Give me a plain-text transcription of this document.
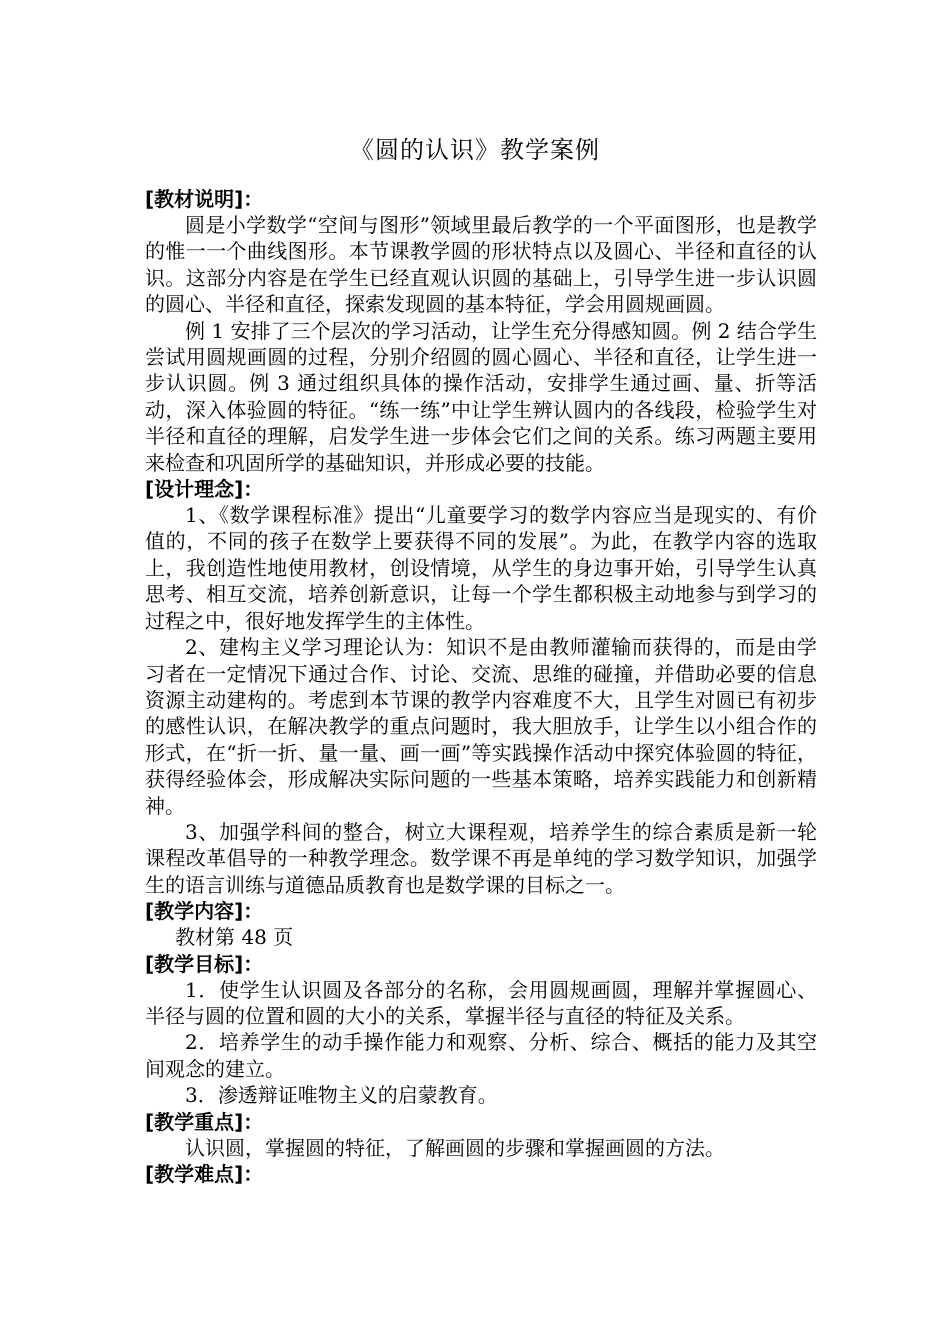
《圆的认识》教学案例
[教材说明]：

圆是小学数学“空间与图形”领域里最后教学的一个平面图形，也是教学的惟一一个曲线图形。本节课教学圆的形状特点以及圆心、半径和直径的认识。这部分内容是在学生已经直观认识圆的基础上，引导学生进一步认识圆的圆心、半径和直径，探索发现圆的基本特征，学会用圆规画圆。

例 1 安排了三个层次的学习活动，让学生充分得感知圆。例 2 结合学生尝试用圆规画圆的过程，分别介绍圆的圆心圆心、半径和直径，让学生进一步认识圆。例 3 通过组织具体的操作活动，安排学生通过画、量、折等活动，深入体验圆的特征。“练一练”中让学生辨认圆内的各线段，检验学生对半径和直径的理解，启发学生进一步体会它们之间的关系。练习两题主要用来检查和巩固所学的基础知识，并形成必要的技能。

[设计理念]：

1、《数学课程标准》提出“儿童要学习的数学内容应当是现实的、有价值的，不同的孩子在数学上要获得不同的发展”。为此，在教学内容的选取上，我创造性地使用教材，创设情境，从学生的身边事开始，引导学生认真思考、相互交流，培养创新意识，让每一个学生都积极主动地参与到学习的过程之中，很好地发挥学生的主体性。

2、建构主义学习理论认为：知识不是由教师灌输而获得的，而是由学习者在一定情况下通过合作、讨论、交流、思维的碰撞，并借助必要的信息资源主动建构的。考虑到本节课的教学内容难度不大，且学生对圆已有初步的感性认识，在解决教学的重点问题时，我大胆放手，让学生以小组合作的形式，在“折一折、量一量、画一画”等实践操作活动中探究体验圆的特征，获得经验体会，形成解决实际问题的一些基本策略，培养实践能力和创新精神。

3、加强学科间的整合，树立大课程观，培养学生的综合素质是新一轮课程改革倡导的一种教学理念。数学课不再是单纯的学习数学知识，加强学生的语言训练与道德品质教育也是数学课的目标之一。

[教学内容]：

教材第 48 页

[教学目标]：

1．使学生认识圆及各部分的名称，会用圆规画圆，理解并掌握圆心、半径与圆的位置和圆的大小的关系，掌握半径与直径的特征及关系。

2．培养学生的动手操作能力和观察、分析、综合、概括的能力及其空间观念的建立。

3．渗透辩证唯物主义的启蒙教育。

[教学重点]：

认识圆，掌握圆的特征，了解画圆的步骤和掌握画圆的方法。

[教学难点]：
